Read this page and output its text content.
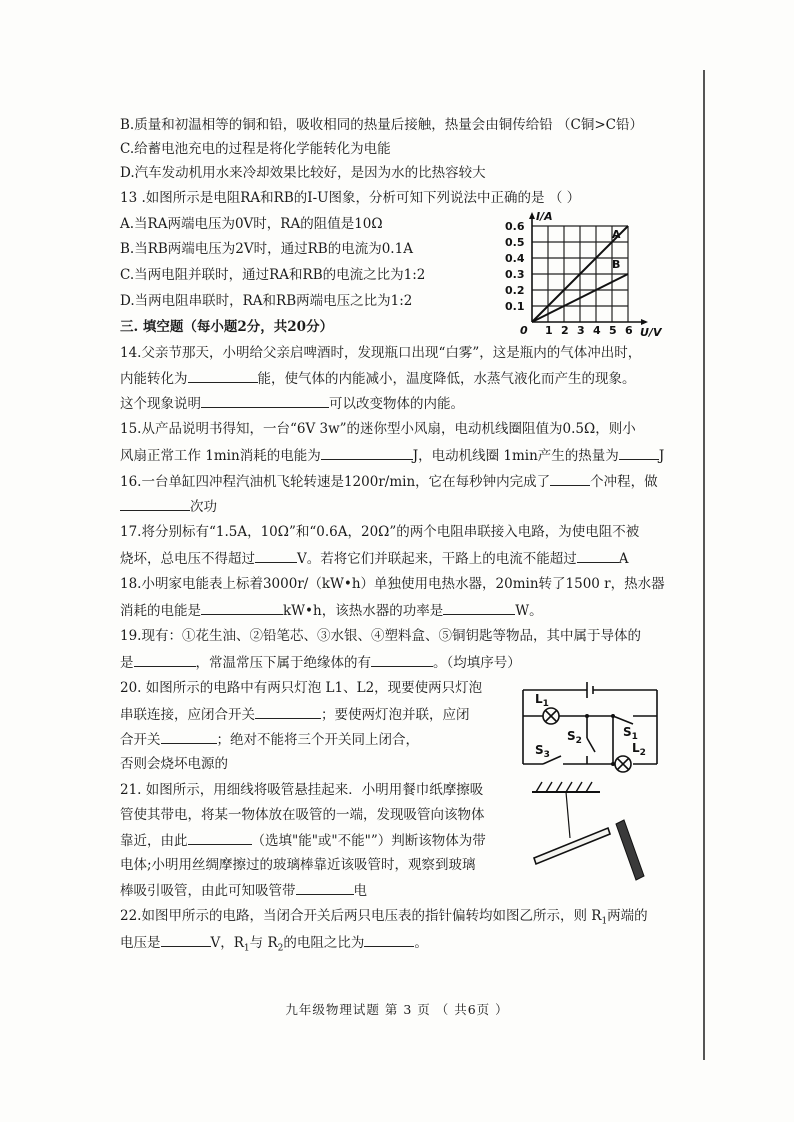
B.质量和初温相等的铜和铅，吸收相同的热量后接触，热量会由铜传给铅 （C铜>C铅）
C.给蓄电池充电的过程是将化学能转化为电能
D.汽车发动机用水来冷却效果比较好，是因为水的比热容较大
13 .如图所示是电阻RA和RB的I-U图象，分析可知下列说法中正确的是 （ ）
A.当RA两端电压为0V时，RA的阻值是10Ω
B.当RB两端电压为2V时，通过RB的电流为0.1A
C.当两电阻并联时，通过RA和RB的电流之比为1:2
D.当两电阻串联时，RA和RB两端电压之比为1:2
1 2 3 4 5 6
0.1
0.2
0.3
0.4
0.5
0.6
0	U/V
I/A
A
B
三. 填空题（每小题2分，共20分）
14.父亲节那天，小明给父亲启啤酒时，发现瓶口出现“白雾”，这是瓶内的气体冲出时，
内能转化为	能，使气体的内能减小，温度降低，水蒸气液化而产生的现象。
这个现象说明	可以改变物体的内能。
15.从产品说明书得知，一台“6V 3w”的迷你型小风扇，电动机线圈阻值为0.5Ω，则小
风扇正常工作 1min消耗的电能为	J，电动机线圈 1min产生的热量为	J
16.一台单缸四冲程汽油机飞轮转速是1200r/min，它在每秒钟内完成了	个冲程，做
次功
17.将分别标有“1.5A，10Ω”和“0.6A，20Ω”的两个电阻串联接入电路，为使电阻不被
烧坏，总电压不得超过	V。若将它们并联起来，干路上的电流不能超过	A
18.小明家电能表上标着3000r/（kW•h）单独使用电热水器，20min转了1500 r，热水器
消耗的电能是	kW•h，该热水器的功率是	W。
19.现有：①花生油、②铅笔芯、③水银、④塑料盒、⑤铜钥匙等物品，其中属于导体的
是	，常温常压下属于绝缘体的有	。（均填序号）
20. 如图所示的电路中有两只灯泡 L1、L2，现要使两只灯泡
串联连接，应闭合开关	；要使两灯泡并联，应闭
合开关	；绝对不能将三个开关同上闭合，
否则会烧坏电源的
$L_1$
$S_1$
$L_2$
$S_2$
$S_3$
21. 如图所示，用细线将吸管悬挂起来．小明用餐巾纸摩擦吸
管使其带电，将某一物体放在吸管的一端，发现吸管向该物体
靠近，由此	（选填"能"或"不能"”）判断该物体为带
电体;小明用丝绸摩擦过的玻璃棒靠近该吸管时，观察到玻璃
棒吸引吸管，由此可知吸管带	电
22.如图甲所示的电路，当闭合开关后两只电压表的指针偏转均如图乙所示，则 $R_1$两端的
电压是	V，$R_1$与 $R_2$的电阻之比为	。
九年级物理试题 第 3 页 （ 共6页 ）
